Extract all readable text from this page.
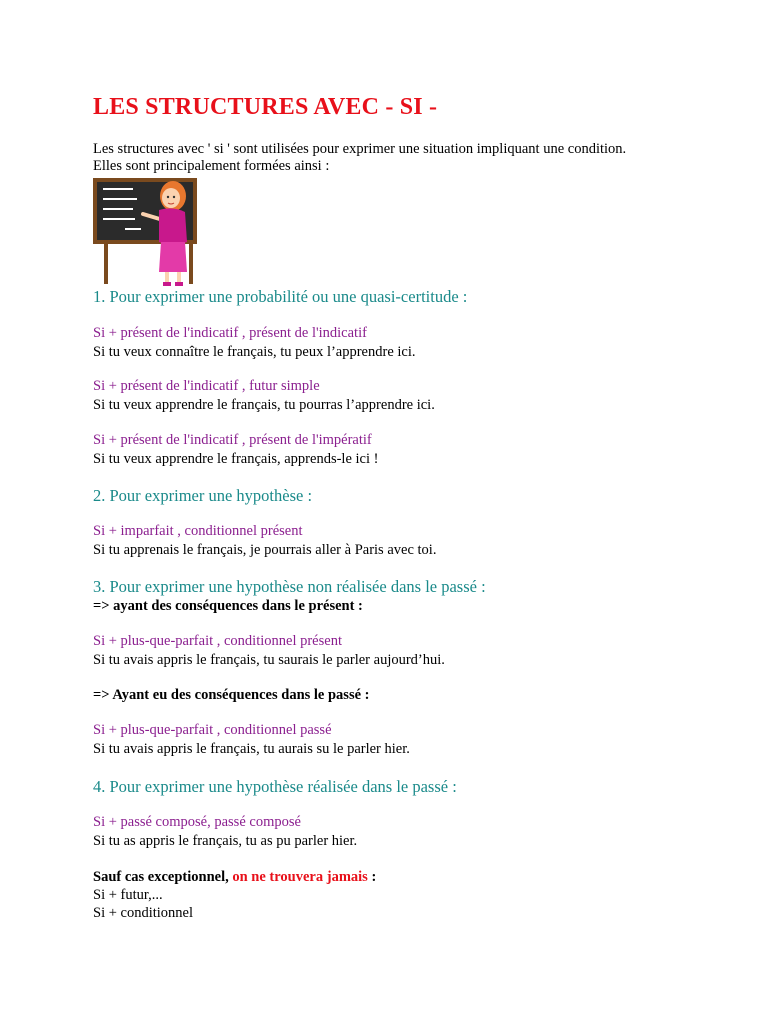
LES STRUCTURES AVEC - SI -
Les structures avec ' si ' sont utilisées pour exprimer une situation impliquant une condition.
Elles sont principalement formées ainsi :
1. Pour exprimer une probabilité ou une quasi-certitude :
Si + présent de l'indicatif , présent de l'indicatif
Si tu veux connaître le français, tu peux l’apprendre ici.
Si + présent de l'indicatif , futur simple
Si tu veux apprendre le français, tu pourras l’apprendre ici.
Si + présent de l'indicatif , présent de l'impératif
Si tu veux apprendre le français, apprends-le ici !
2. Pour exprimer une hypothèse :
Si + imparfait , conditionnel présent
Si tu apprenais le français, je pourrais aller à Paris avec toi.
3. Pour exprimer une hypothèse non réalisée dans le passé :
=> ayant des conséquences dans le présent :
Si + plus-que-parfait , conditionnel présent
Si tu avais appris le français, tu saurais le parler aujourd’hui.
=> Ayant eu des conséquences dans le passé :
Si + plus-que-parfait , conditionnel passé
Si tu avais appris le français, tu aurais su le parler hier.
4. Pour exprimer une hypothèse réalisée dans le passé :
Si + passé composé, passé composé
Si tu as appris le français, tu as pu parler hier.
Sauf cas exceptionnel, on ne trouvera jamais :
Si + futur,...
Si + conditionnel
